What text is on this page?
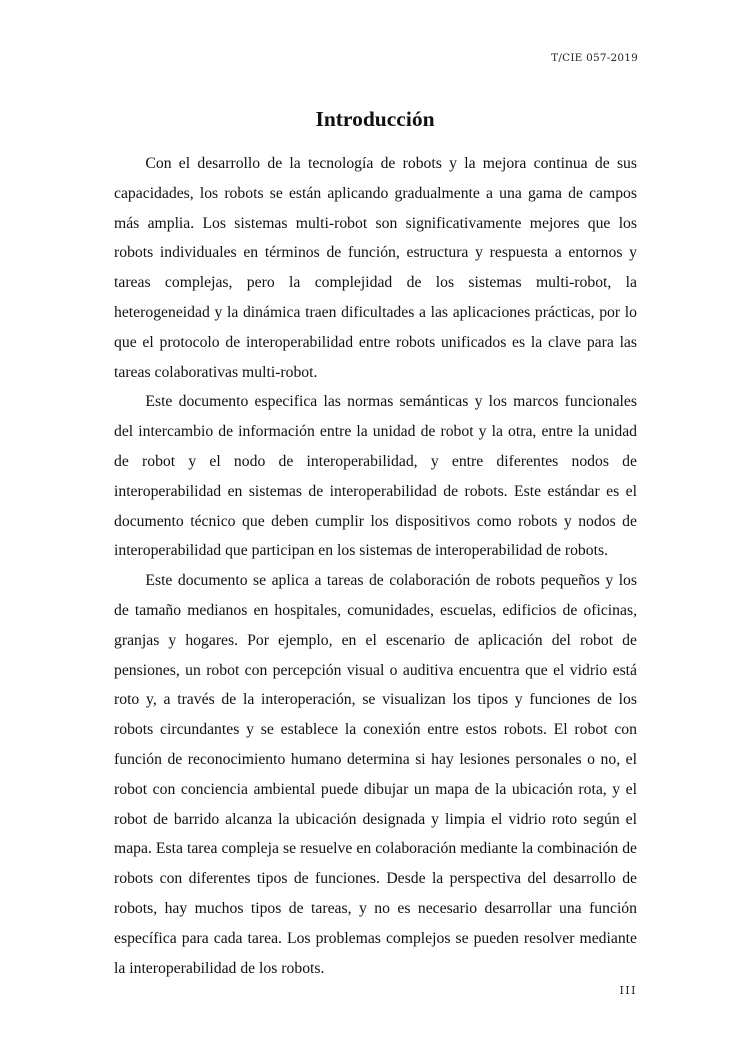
T/CIE 057-2019
Introducción

Con el desarrollo de la tecnología de robots y la mejora continua de sus capacidades, los robots se están aplicando gradualmente a una gama de campos más amplia. Los sistemas multi-robot son significativamente mejores que los robots individuales en términos de función, estructura y respuesta a entornos y tareas complejas, pero la complejidad de los sistemas multi-robot, la heterogeneidad y la dinámica traen dificultades a las aplicaciones prácticas, por lo que el protocolo de interoperabilidad entre robots unificados es la clave para las tareas colaborativas multi-robot.

Este documento especifica las normas semánticas y los marcos funcionales del intercambio de información entre la unidad de robot y la otra, entre la unidad de robot y el nodo de interoperabilidad, y entre diferentes nodos de interoperabilidad en sistemas de interoperabilidad de robots. Este estándar es el documento técnico que deben cumplir los dispositivos como robots y nodos de interoperabilidad que participan en los sistemas de interoperabilidad de robots.

Este documento se aplica a tareas de colaboración de robots pequeños y los de tamaño medianos en hospitales, comunidades, escuelas, edificios de oficinas, granjas y hogares. Por ejemplo, en el escenario de aplicación del robot de pensiones, un robot con percepción visual o auditiva encuentra que el vidrio está roto y, a través de la interoperación, se visualizan los tipos y funciones de los robots circundantes y se establece la conexión entre estos robots. El robot con función de reconocimiento humano determina si hay lesiones personales o no, el robot con conciencia ambiental puede dibujar un mapa de la ubicación rota, y el robot de barrido alcanza la ubicación designada y limpia el vidrio roto según el mapa. Esta tarea compleja se resuelve en colaboración mediante la combinación de robots con diferentes tipos de funciones. Desde la perspectiva del desarrollo de robots, hay muchos tipos de tareas, y no es necesario desarrollar una función específica para cada tarea. Los problemas complejos se pueden resolver mediante la interoperabilidad de los robots.

III
